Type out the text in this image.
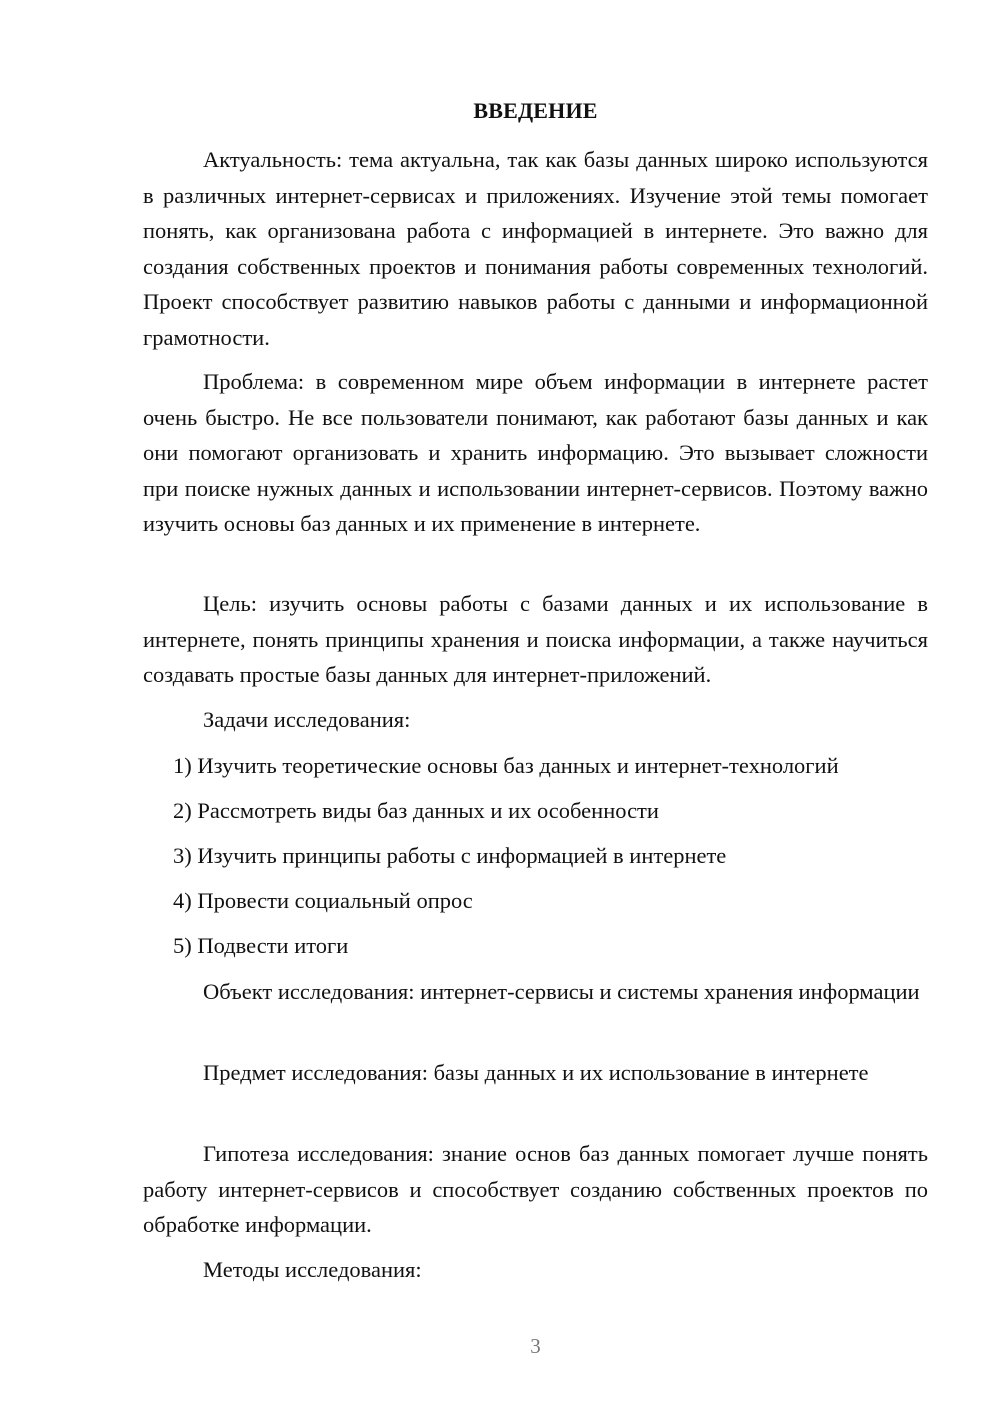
ВВЕДЕНИЕ

Актуальность: тема актуальна, так как базы данных широко используются в различных интернет-сервисах и приложениях. Изучение этой темы помогает понять, как организована работа с информацией в интернете. Это важно для создания собственных проектов и понимания работы современных технологий. Проект способствует развитию навыков работы с данными и информационной грамотности.

Проблема: в современном мире объем информации в интернете растет очень быстро. Не все пользователи понимают, как работают базы данных и как они помогают организовать и хранить информацию. Это вызывает сложности при поиске нужных данных и использовании интернет-сервисов. Поэтому важно изучить основы баз данных и их применение в интернете.

Цель: изучить основы работы с базами данных и их использование в интернете, понять принципы хранения и поиска информации, а также научиться создавать простые базы данных для интернет-приложений.

Задачи исследования:

1) Изучить теоретические основы баз данных и интернет-технологий
2) Рассмотреть виды баз данных и их особенности
3) Изучить принципы работы с информацией в интернете
4) Провести социальный опрос
5) Подвести итоги

Объект исследования: интернет-сервисы и системы хранения информации

Предмет исследования: базы данных и их использование в интернете

Гипотеза исследования: знание основ баз данных помогает лучше понять работу интернет-сервисов и способствует созданию собственных проектов по обработке информации.

Методы исследования:

3
